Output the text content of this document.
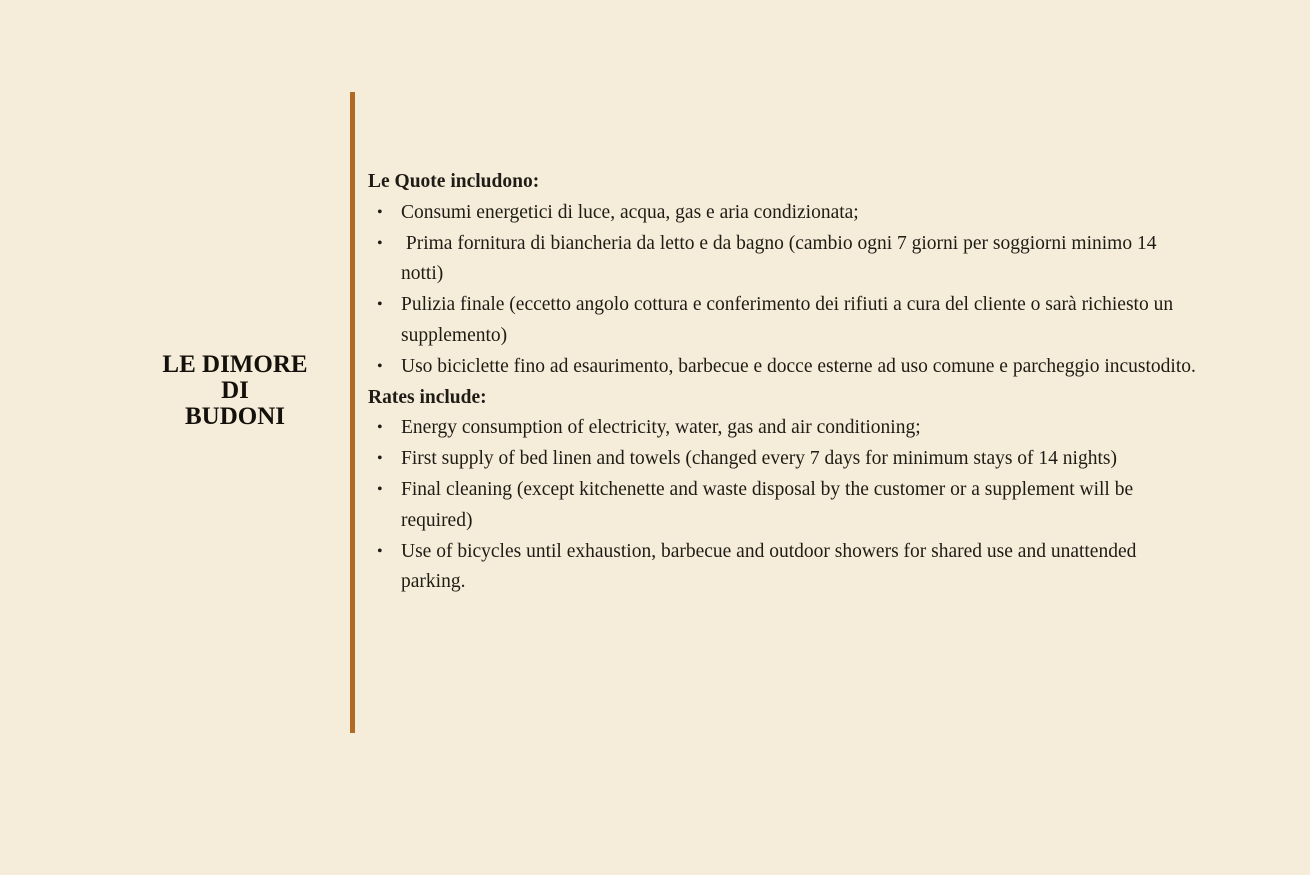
LE DIMORE
DI
BUDONI

Le Quote includono:

• Consumi energetici di luce, acqua, gas e aria condizionata;
• Prima fornitura di biancheria da letto e da bagno (cambio ogni 7 giorni per soggiorni minimo 14 notti)
• Pulizia finale (eccetto angolo cottura e conferimento dei rifiuti a cura del cliente o sarà richiesto un supplemento)
• Uso biciclette fino ad esaurimento, barbecue e docce esterne ad uso comune e parcheggio incustodito.

Rates include:

• Energy consumption of electricity, water, gas and air conditioning;
• First supply of bed linen and towels (changed every 7 days for minimum stays of 14 nights)
• Final cleaning (except kitchenette and waste disposal by the customer or a supplement will be required)
• Use of bicycles until exhaustion, barbecue and outdoor showers for shared use and unattended parking.
